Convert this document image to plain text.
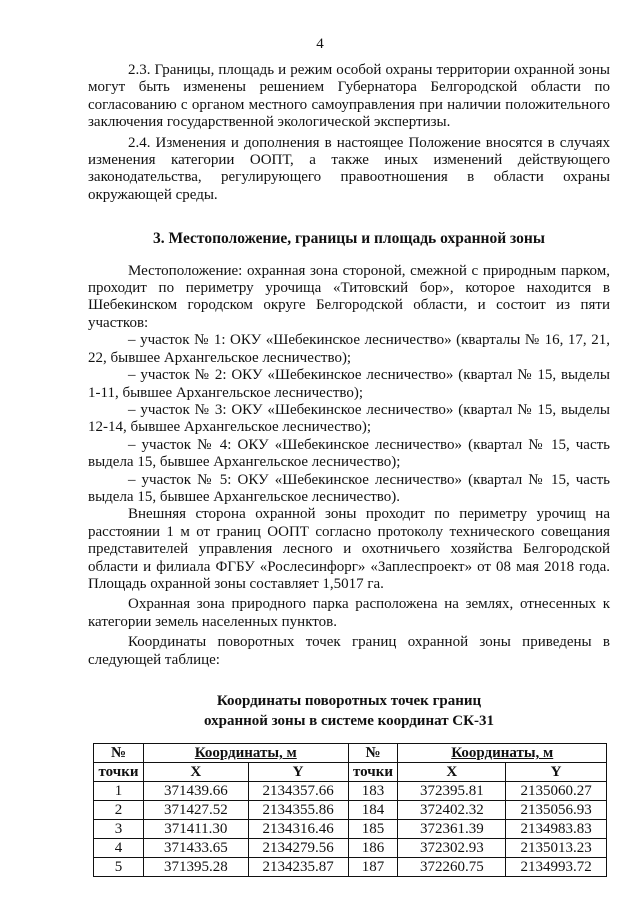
4

2.3. Границы, площадь и режим особой охраны территории охранной зоны могут быть изменены решением Губернатора Белгородской области по согласованию с органом местного самоуправления при наличии положительного заключения государственной экологической экспертизы.

2.4. Изменения и дополнения в настоящее Положение вносятся в случаях изменения категории ООПТ, а также иных изменений действующего законодательства, регулирующего правоотношения в области охраны окружающей среды.

3. Местоположение, границы и площадь охранной зоны

Местоположение: охранная зона стороной, смежной с природным парком, проходит по периметру урочища «Титовский бор», которое находится в Шебекинском городском округе Белгородской области, и состоит из пяти участков:

– участок № 1: ОКУ «Шебекинское лесничество» (кварталы № 16, 17, 21, 22, бывшее Архангельское лесничество);

– участок № 2: ОКУ «Шебекинское лесничество» (квартал № 15, выделы 1-11, бывшее Архангельское лесничество);

– участок № 3: ОКУ «Шебекинское лесничество» (квартал № 15, выделы 12-14, бывшее Архангельское лесничество);

– участок № 4: ОКУ «Шебекинское лесничество» (квартал № 15, часть выдела 15, бывшее Архангельское лесничество);

– участок № 5: ОКУ «Шебекинское лесничество» (квартал № 15, часть выдела 15, бывшее Архангельское лесничество).

Внешняя сторона охранной зоны проходит по периметру урочищ на расстоянии 1 м от границ ООПТ согласно протоколу технического совещания представителей управления лесного и охотничьего хозяйства Белгородской области и филиала ФГБУ «Рослесинфорг» «Заплеспроект» от 08 мая 2018 года. Площадь охранной зоны составляет 1,5017 га.

Охранная зона природного парка расположена на землях, отнесенных к категории земель населенных пунктов.

Координаты поворотных точек границ охранной зоны приведены в следующей таблице:

Координаты поворотных точек границ
охранной зоны в системе координат СК-31
№	Координаты, м		№	Координаты, м	
точки	X	Y	точки	X	Y
1	371439.66	2134357.66	183	372395.81	2135060.27
2	371427.52	2134355.86	184	372402.32	2135056.93
3	371411.30	2134316.46	185	372361.39	2134983.83
4	371433.65	2134279.56	186	372302.93	2135013.23
5	371395.28	2134235.87	187	372260.75	2134993.72
